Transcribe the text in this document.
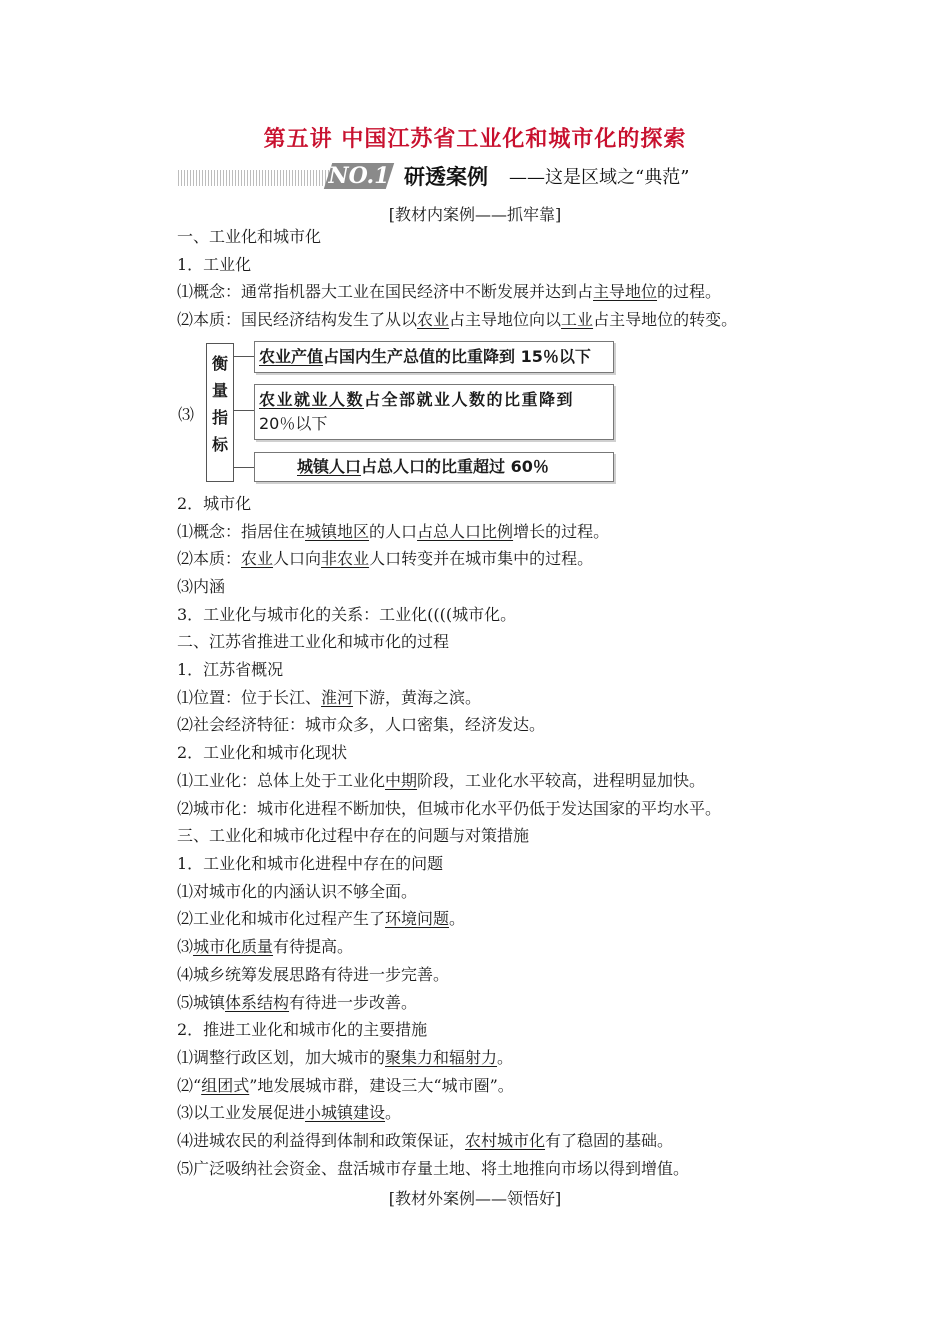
第五讲 中国江苏省工业化和城市化的探索
NO.1 研透案例 ——这是区域之“典范”
[教材内案例——抓牢靠]
一、工业化和城市化
1．工业化
⑴概念：通常指机器大工业在国民经济中不断发展并达到占主导地位的过程。
⑵本质：国民经济结构发生了从以农业占主导地位向以工业占主导地位的转变。
⑶
衡
量
指
标
农业产值占国内生产总值的比重降到 15％以下
农业就业人数占全部就业人数的比重降到
20％以下
城镇人口占总人口的比重超过 60％
2．城市化
⑴概念：指居住在城镇地区的人口占总人口比例增长的过程。
⑵本质：农业人口向非农业人口转变并在城市集中的过程。
⑶内涵
3．工业化与城市化的关系：工业化((((城市化。
二、江苏省推进工业化和城市化的过程
1．江苏省概况
⑴位置：位于长江、淮河下游，黄海之滨。
⑵社会经济特征：城市众多，人口密集，经济发达。
2．工业化和城市化现状
⑴工业化：总体上处于工业化中期阶段，工业化水平较高，进程明显加快。
⑵城市化：城市化进程不断加快，但城市化水平仍低于发达国家的平均水平。
三、工业化和城市化过程中存在的问题与对策措施
1．工业化和城市化进程中存在的问题
⑴对城市化的内涵认识不够全面。
⑵工业化和城市化过程产生了环境问题。
⑶城市化质量有待提高。
⑷城乡统筹发展思路有待进一步完善。
⑸城镇体系结构有待进一步改善。
2．推进工业化和城市化的主要措施
⑴调整行政区划，加大城市的聚集力和辐射力。
⑵“组团式”地发展城市群，建设三大“城市圈”。
⑶以工业发展促进小城镇建设。
⑷进城农民的利益得到体制和政策保证，农村城市化有了稳固的基础。
⑸广泛吸纳社会资金、盘活城市存量土地、将土地推向市场以得到增值。
[教材外案例——领悟好]
